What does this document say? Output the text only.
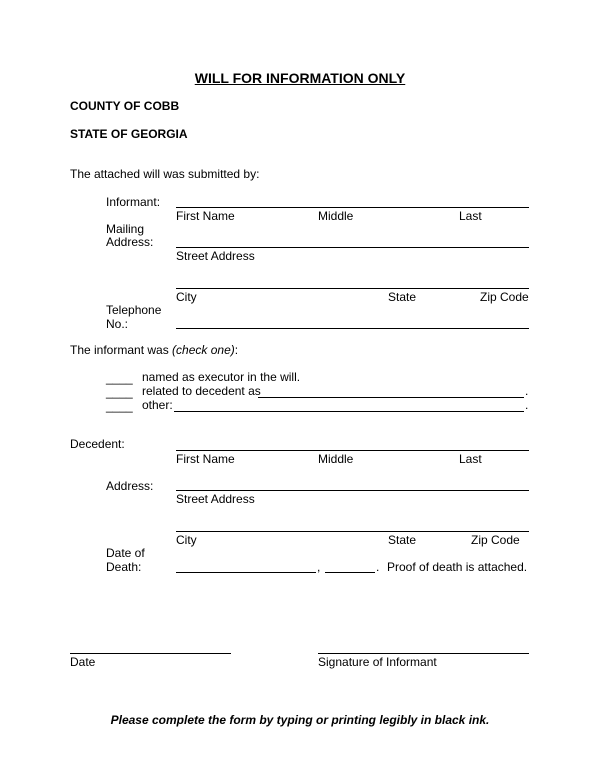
WILL FOR INFORMATION ONLY
COUNTY OF COBB
STATE OF GEORGIA
The attached will was submitted by:
Informant:
First Name	Middle	Last
Mailing
Address:
Street Address
City	State	Zip Code
Telephone
No.:
The informant was (check one):
____ named as executor in the will.
____ related to decedent as	.
____ other:	.
Decedent:
First Name	Middle	Last
Address:
Street Address
City	State	Zip Code
Date of
Death:	,	. Proof of death is attached.
Date	Signature of Informant
Please complete the form by typing or printing legibly in black ink.
